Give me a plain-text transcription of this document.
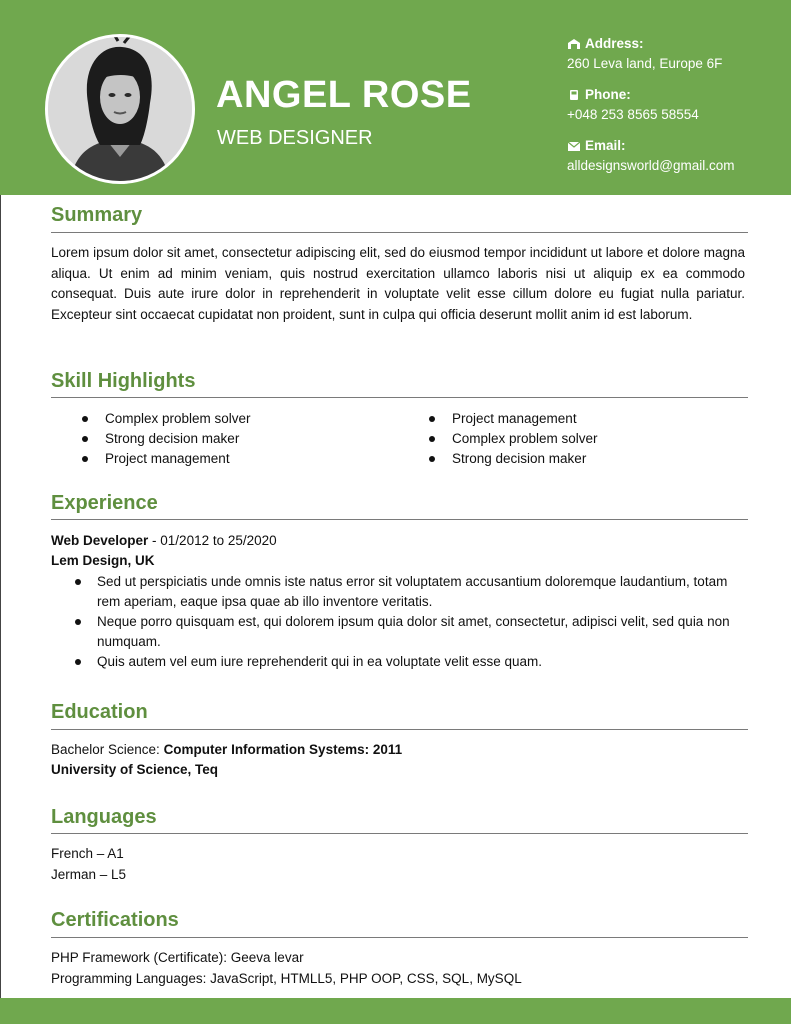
ANGEL ROSE
WEB DESIGNER
Address:
260 Leva land, Europe 6F
Phone:
+048 253 8565 58554
Email:
alldesignsworld@gmail.com
Summary
Lorem ipsum dolor sit amet, consectetur adipiscing elit, sed do eiusmod tempor incididunt ut labore et dolore magna aliqua. Ut enim ad minim veniam, quis nostrud exercitation ullamco laboris nisi ut aliquip ex ea commodo consequat. Duis aute irure dolor in reprehenderit in voluptate velit esse cillum dolore eu fugiat nulla pariatur. Excepteur sint occaecat cupidatat non proident, sunt in culpa qui officia deserunt mollit anim id est laborum.
Skill Highlights
Complex problem solver
Strong decision maker
Project management
Project management
Complex problem solver
Strong decision maker
Experience
Web Developer - 01/2012 to 25/2020
Lem Design, UK
Sed ut perspiciatis unde omnis iste natus error sit voluptatem accusantium doloremque laudantium, totam rem aperiam, eaque ipsa quae ab illo inventore veritatis.
Neque porro quisquam est, qui dolorem ipsum quia dolor sit amet, consectetur, adipisci velit, sed quia non numquam.
Quis autem vel eum iure reprehenderit qui in ea voluptate velit esse quam.
Education
Bachelor Science: Computer Information Systems: 2011
University of Science, Teq
Languages
French – A1
Jerman – L5
Certifications
PHP Framework (Certificate): Geeva levar
Programming Languages: JavaScript, HTMLL5, PHP OOP, CSS, SQL, MySQL
